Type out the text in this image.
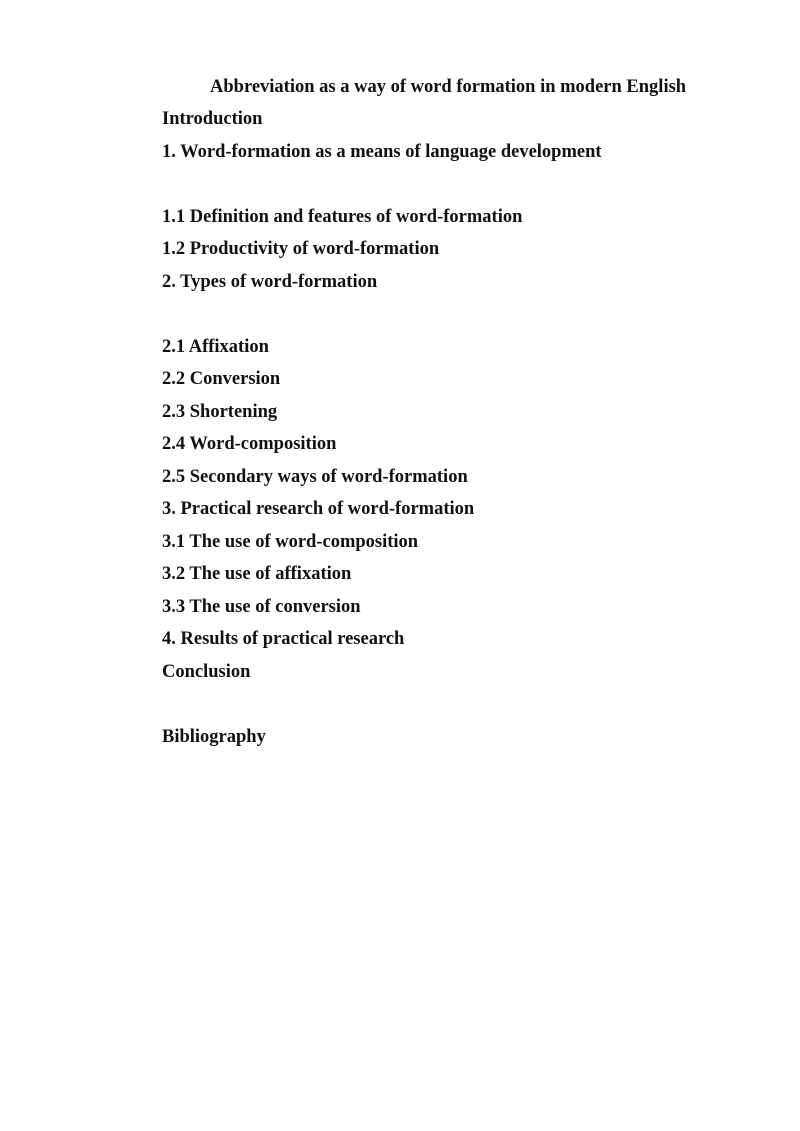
Abbreviation as a way of word formation in modern English
Introduction
1. Word-formation as a means of language development
1.1 Definition and features of word-formation
1.2 Productivity of word-formation
2. Types of word-formation
2.1 Affixation
2.2 Conversion
2.3 Shortening
2.4 Word-composition
2.5 Secondary ways of word-formation
3. Practical research of word-formation
3.1 The use of word-composition
3.2 The use of affixation
3.3 The use of conversion
4. Results of practical research
Conclusion
Bibliography
